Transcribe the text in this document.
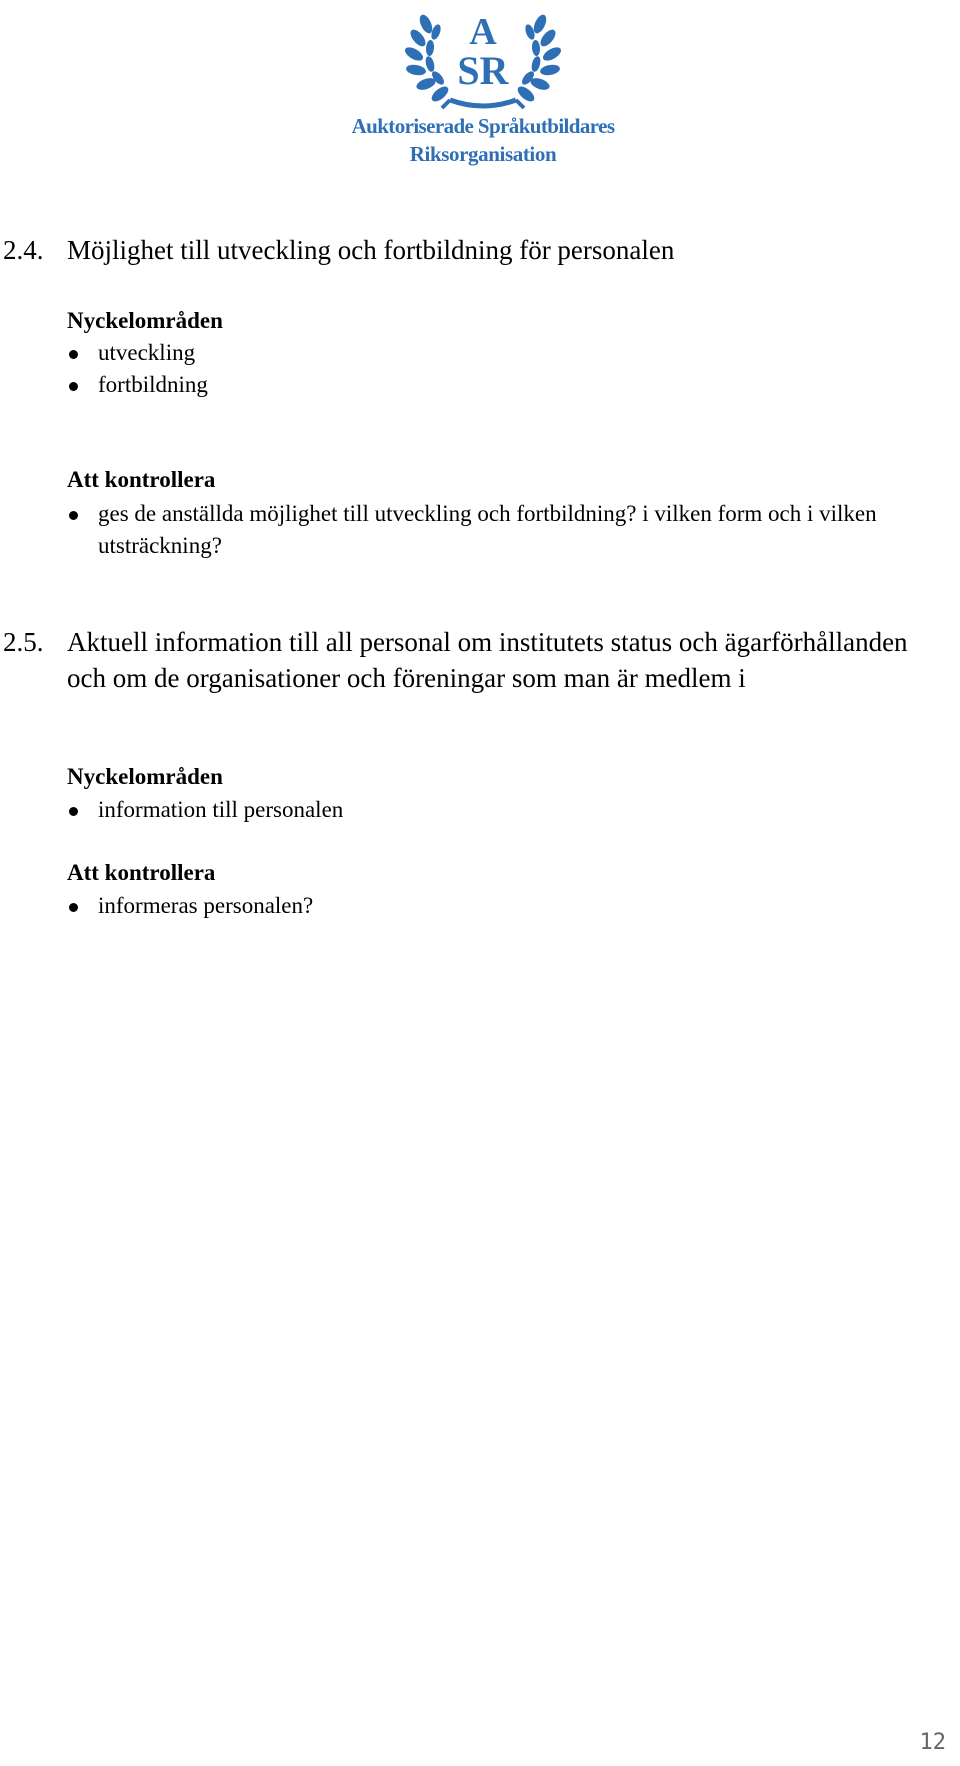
A
SR
Auktoriserade Språkutbildares
Riksorganisation
2.4. Möjlighet till utveckling och fortbildning för personalen
Nyckelområden
utveckling
fortbildning
Att kontrollera
ges de anställda möjlighet till utveckling och fortbildning? i vilken form och i vilken utsträckning?
2.5. Aktuell information till all personal om institutets status och ägarförhållanden och om de organisationer och föreningar som man är medlem i
Nyckelområden
information till personalen
Att kontrollera
informeras personalen?
12
